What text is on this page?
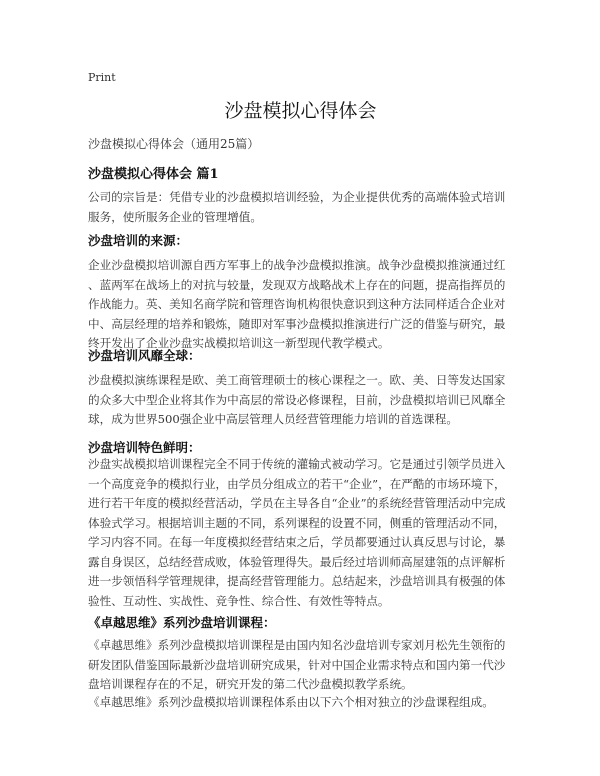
Print
沙盘模拟心得体会
沙盘模拟心得体会（通用25篇）
沙盘模拟心得体会 篇1
公司的宗旨是：凭借专业的沙盘模拟培训经验，为企业提供优秀的高端体验式培训
服务，使所服务企业的管理增值。
沙盘培训的来源：
企业沙盘模拟培训源自西方军事上的战争沙盘模拟推演。战争沙盘模拟推演通过红
、蓝两军在战场上的对抗与较量，发现双方战略战术上存在的问题，提高指挥员的
作战能力。英、美知名商学院和管理咨询机构很快意识到这种方法同样适合企业对
中、高层经理的培养和锻炼，随即对军事沙盘模拟推演进行广泛的借鉴与研究，最
终开发出了企业沙盘实战模拟培训这一新型现代教学模式。
沙盘培训风靡全球：
沙盘模拟演练课程是欧、美工商管理硕士的核心课程之一。欧、美、日等发达国家
的众多大中型企业将其作为中高层的常设必修课程，目前，沙盘模拟培训已风靡全
球，成为世界500强企业中高层管理人员经营管理能力培训的首选课程。
沙盘培训特色鲜明：
沙盘实战模拟培训课程完全不同于传统的灌输式被动学习。它是通过引领学员进入
一个高度竞争的模拟行业，由学员分组成立的若干“企业”，在严酷的市场环境下，
进行若干年度的模拟经营活动，学员在主导各自“企业”的系统经营管理活动中完成
体验式学习。根据培训主题的不同，系列课程的设置不同，侧重的管理活动不同，
学习内容不同。在每一年度模拟经营结束之后，学员都要通过认真反思与讨论，暴
露自身误区，总结经营成败，体验管理得失。最后经过培训师高屋建瓴的点评解析
进一步领悟科学管理规律，提高经营管理能力。总结起来，沙盘培训具有极强的体
验性、互动性、实战性、竞争性、综合性、有效性等特点。
《卓越思维》系列沙盘培训课程：
《卓越思维》系列沙盘模拟培训课程是由国内知名沙盘培训专家刘月松先生领衔的
研发团队借鉴国际最新沙盘培训研究成果，针对中国企业需求特点和国内第一代沙
盘培训课程存在的不足，研究开发的第二代沙盘模拟教学系统。
《卓越思维》系列沙盘模拟培训课程体系由以下六个相对独立的沙盘课程组成。
